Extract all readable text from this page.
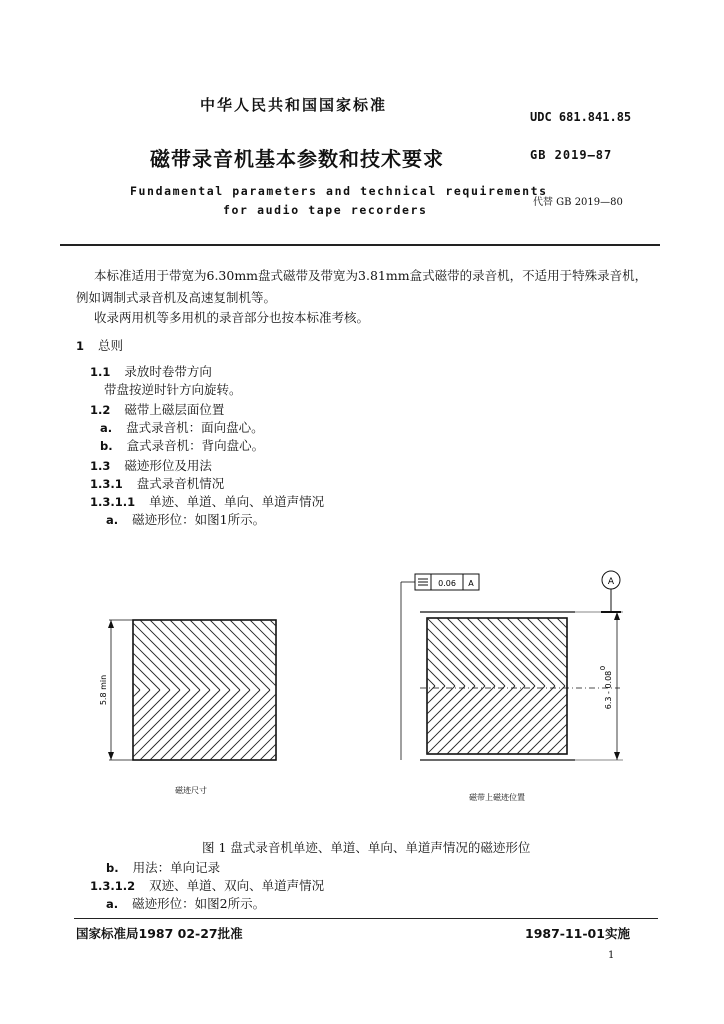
中华人民共和国国家标准
UDC 681.841.85
磁带录音机基本参数和技术要求	GB 2019—87
Fundamental parameters and technical requirements
for audio tape recorders
代替 GB 2019—80
本标准适用于带宽为6.30mm盘式磁带及带宽为3.81mm盒式磁带的录音机，不适用于特殊录音机，
例如调制式录音机及高速复制机等。
收录两用机等多用机的录音部分也按本标准考核。
1 总则
1.1 录放时卷带方向
带盘按逆时针方向旋转。
1.2 磁带上磁层面位置
a. 盘式录音机：面向盘心。
b. 盒式录音机：背向盘心。
1.3 磁迹形位及用法
1.3.1 盘式录音机情况
1.3.1.1 单迹、单道、单向、单道声情况
a. 磁迹形位：如图1所示。
5.8 min
磁迹尺寸
0.06 A	A
0
6.3 - 0.08
磁带上磁迹位置
图 1 盘式录音机单迹、单道、单向、单道声情况的磁迹形位
b. 用法：单向记录
1.3.1.2 双迹、单道、双向、单道声情况
a. 磁迹形位：如图2所示。
国家标准局1987 02-27批准	1987-11-01实施
1
